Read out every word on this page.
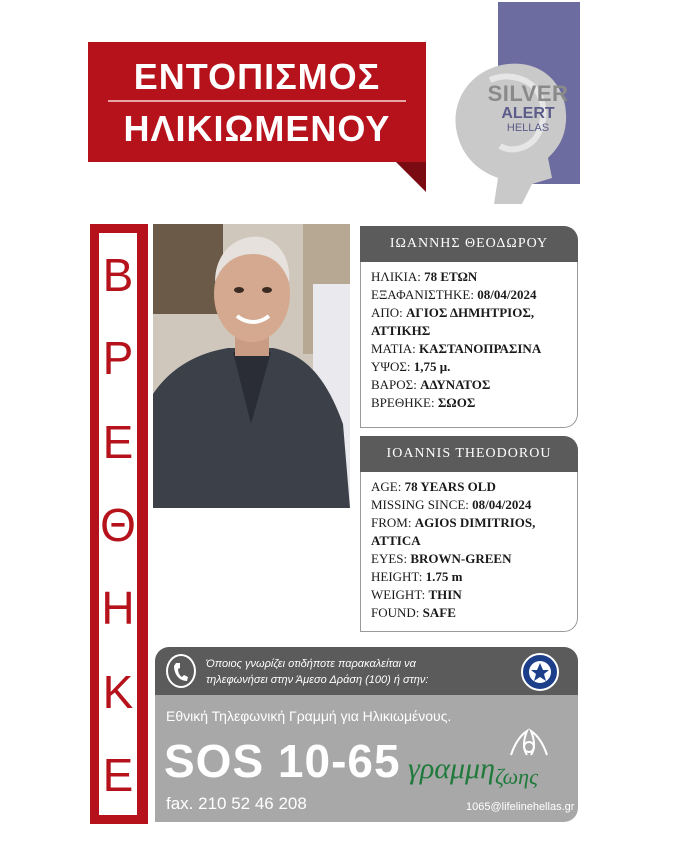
ΕΝΤΟΠΙΣΜΟΣ
ΗΛΙΚΙΩΜΕΝΟΥ
SILVER
ALERT
HELLAS
Β
Ρ
Ε
Θ
Η
Κ
Ε
ΙΩΑΝΝΗΣ ΘΕΟΔΩΡΟΥ
ΗΛΙΚΙΑ: 78 ΕΤΩΝ
ΕΞΑΦΑΝΙΣΤΗΚΕ: 08/04/2024
ΑΠΟ: ΑΓΙΟΣ ΔΗΜΗΤΡΙΟΣ,
ΑΤΤΙΚΗΣ
ΜΑΤΙΑ: ΚΑΣΤΑΝΟΠΡΑΣΙΝΑ
ΥΨΟΣ: 1,75 μ.
ΒΑΡΟΣ: ΑΔΥΝΑΤΟΣ
ΒΡΕΘΗΚΕ: ΣΩΟΣ
IOANNIS THEODOROU
AGE: 78 YEARS OLD
MISSING SINCE: 08/04/2024
FROM: AGIOS DIMITRIOS,
ATTICA
EYES: BROWN-GREEN
HEIGHT: 1.75 m
WEIGHT: THIN
FOUND: SAFE
Όποιος γνωρίζει οτιδήποτε παρακαλείται να
τηλεφωνήσει στην Άμεσο Δράση (100) ή στην:
Εθνική Τηλεφωνική Γραμμή για Ηλικιωμένους.
SOS 10-65
fax. 210 52 46 208
γραμμη$_{\zeta\omega\eta\varsigma}$
1065@lifelinehellas.gr
